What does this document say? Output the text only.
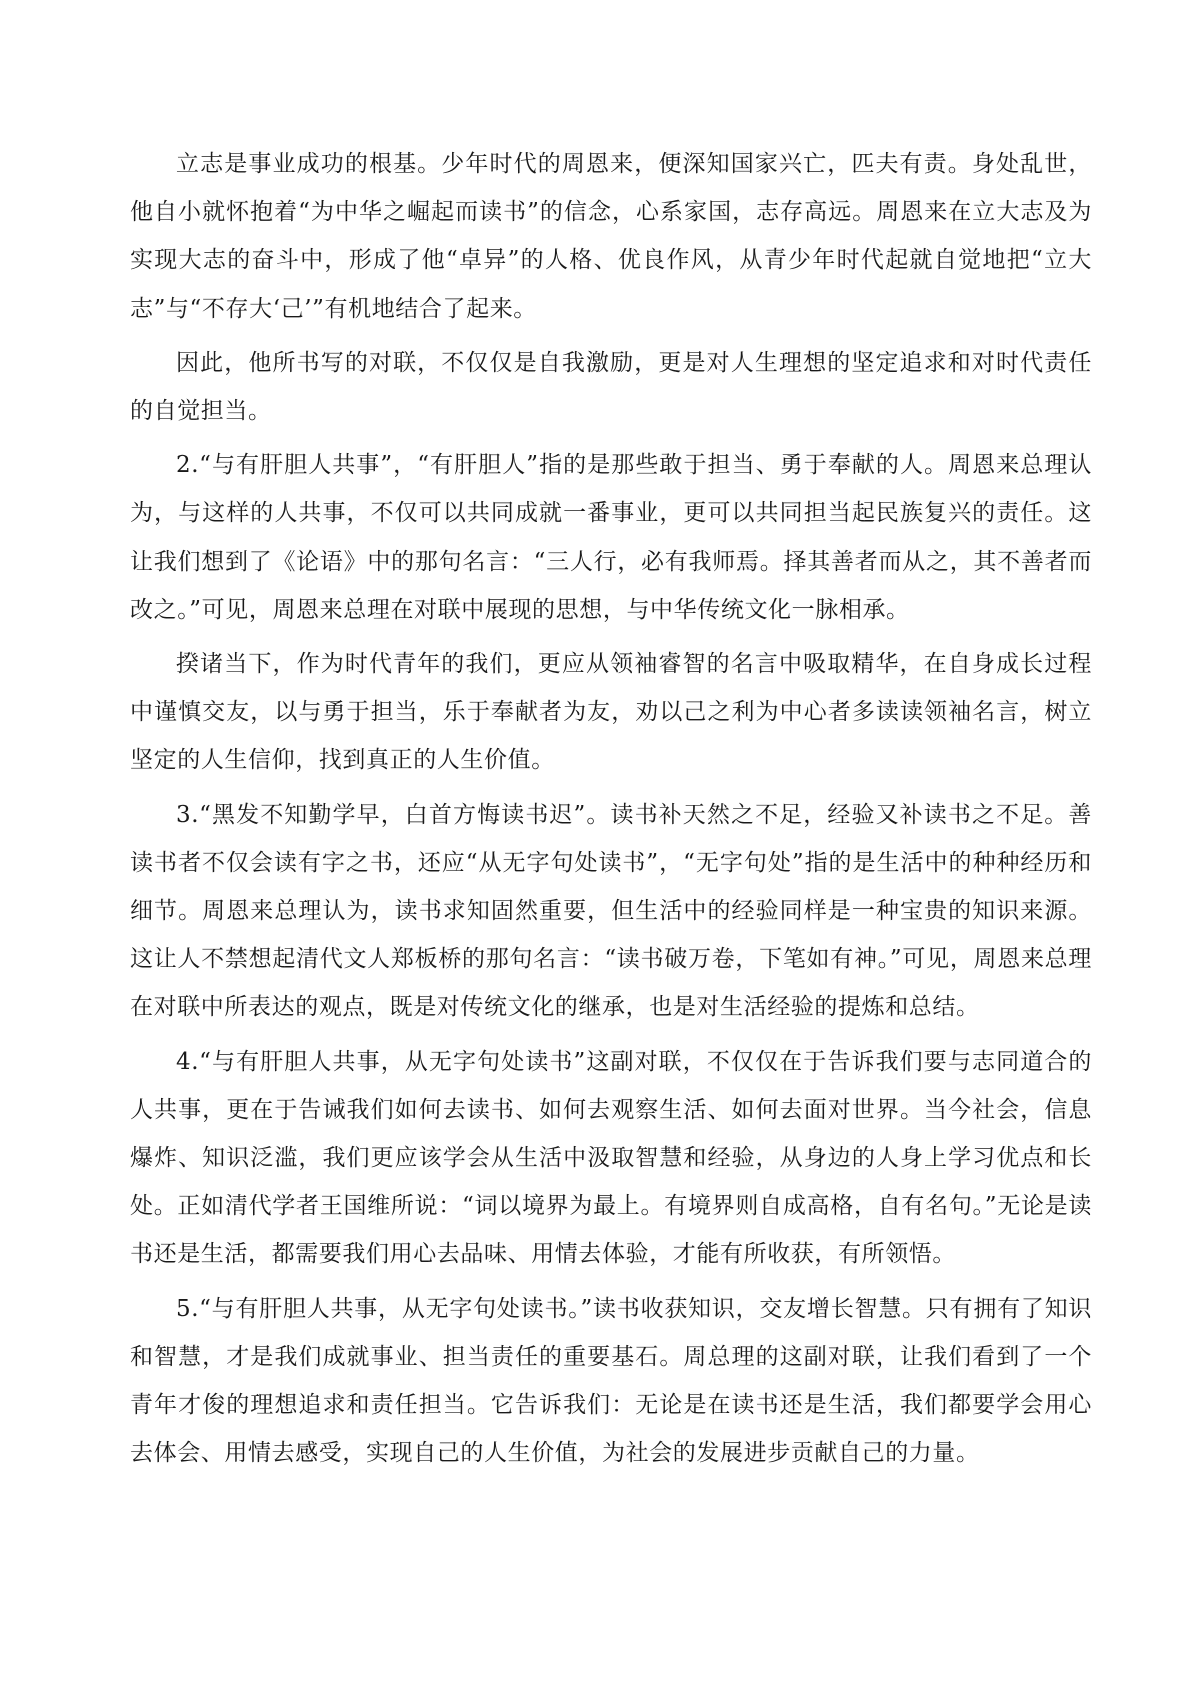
立志是事业成功的根基。少年时代的周恩来，便深知国家兴亡，匹夫有责。身处乱世，他自小就怀抱着“为中华之崛起而读书”的信念，心系家国，志存高远。周恩来在立大志及为实现大志的奋斗中，形成了他“卓异”的人格、优良作风，从青少年时代起就自觉地把“立大志”与“不存大‘己’”有机地结合了起来。

因此，他所书写的对联，不仅仅是自我激励，更是对人生理想的坚定追求和对时代责任的自觉担当。

2.“与有肝胆人共事”，“有肝胆人”指的是那些敢于担当、勇于奉献的人。周恩来总理认为，与这样的人共事，不仅可以共同成就一番事业，更可以共同担当起民族复兴的责任。这让我们想到了《论语》中的那句名言：“三人行，必有我师焉。择其善者而从之，其不善者而改之。”可见，周恩来总理在对联中展现的思想，与中华传统文化一脉相承。

揆诸当下，作为时代青年的我们，更应从领袖睿智的名言中吸取精华，在自身成长过程中谨慎交友，以与勇于担当，乐于奉献者为友，劝以己之利为中心者多读读领袖名言，树立坚定的人生信仰，找到真正的人生价值。

3.“黑发不知勤学早，白首方悔读书迟”。读书补天然之不足，经验又补读书之不足。善读书者不仅会读有字之书，还应“从无字句处读书”，“无字句处”指的是生活中的种种经历和细节。周恩来总理认为，读书求知固然重要，但生活中的经验同样是一种宝贵的知识来源。这让人不禁想起清代文人郑板桥的那句名言：“读书破万卷，下笔如有神。”可见，周恩来总理在对联中所表达的观点，既是对传统文化的继承，也是对生活经验的提炼和总结。

4.“与有肝胆人共事，从无字句处读书”这副对联，不仅仅在于告诉我们要与志同道合的人共事，更在于告诫我们如何去读书、如何去观察生活、如何去面对世界。当今社会，信息爆炸、知识泛滥，我们更应该学会从生活中汲取智慧和经验，从身边的人身上学习优点和长处。正如清代学者王国维所说：“词以境界为最上。有境界则自成高格，自有名句。”无论是读书还是生活，都需要我们用心去品味、用情去体验，才能有所收获，有所领悟。

5.“与有肝胆人共事，从无字句处读书。”读书收获知识，交友增长智慧。只有拥有了知识和智慧，才是我们成就事业、担当责任的重要基石。周总理的这副对联，让我们看到了一个青年才俊的理想追求和责任担当。它告诉我们：无论是在读书还是生活，我们都要学会用心去体会、用情去感受，实现自己的人生价值，为社会的发展进步贡献自己的力量。
